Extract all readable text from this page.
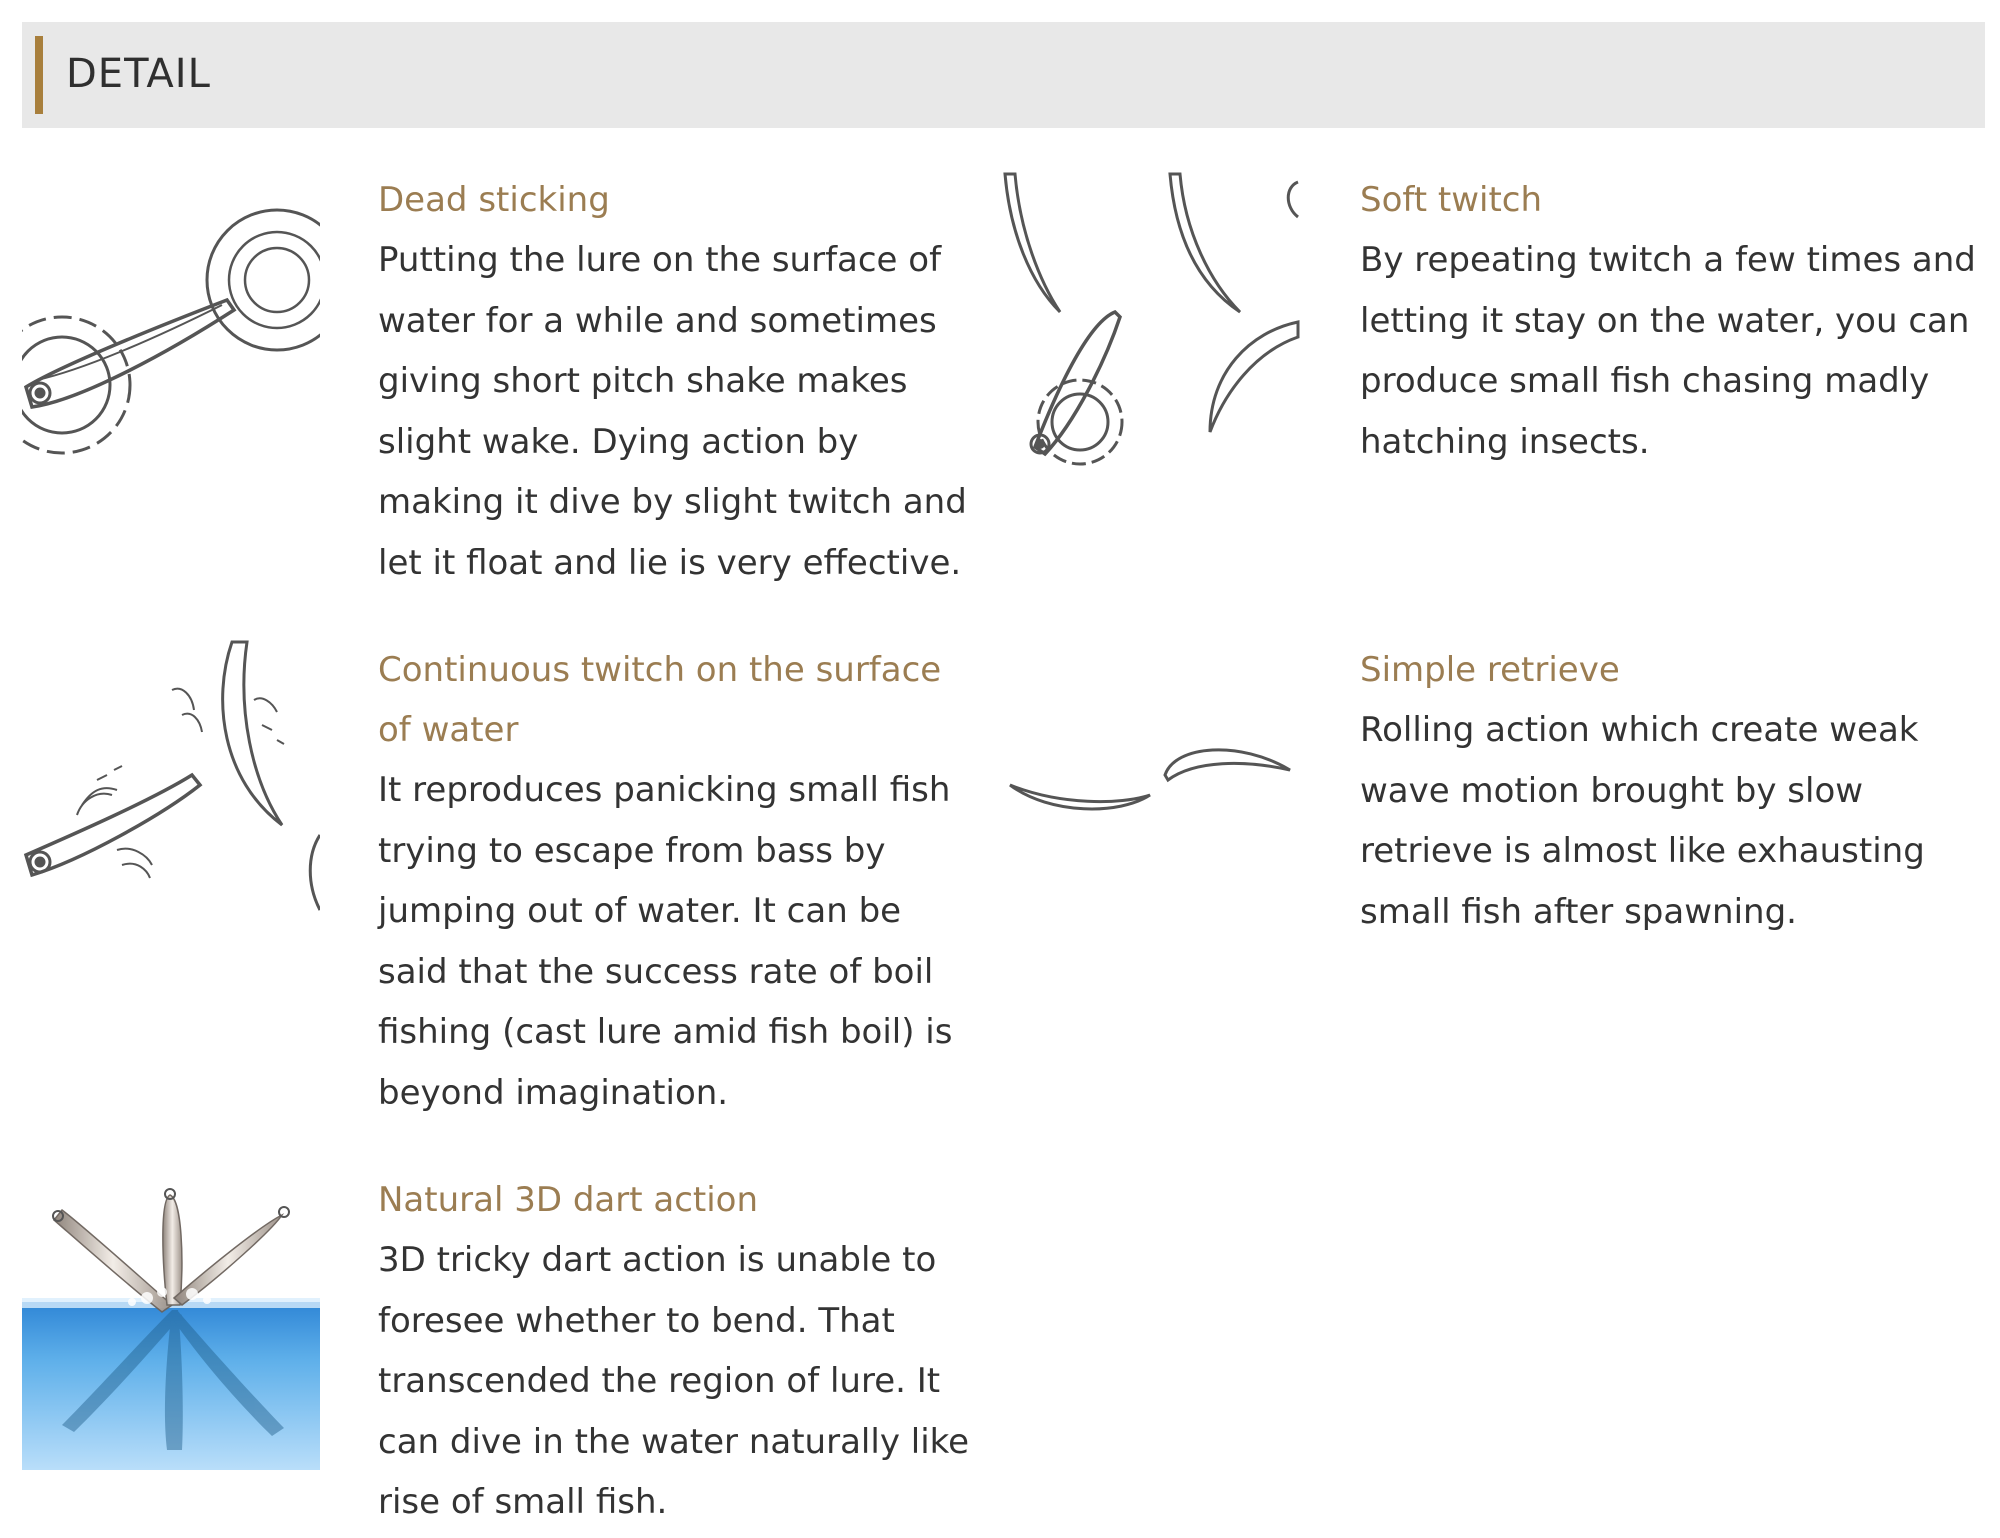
DETAIL

Dead sticking

Putting the lure on the surface of water for a while and sometimes giving short pitch shake makes slight wake. Dying action by making it dive by slight twitch and let it float and lie is very effective.

Soft twitch

By repeating twitch a few times and letting it stay on the water, you can produce small fish chasing madly hatching insects.

Continuous twitch on the surface of water

It reproduces panicking small fish trying to escape from bass by jumping out of water. It can be said that the success rate of boil fishing (cast lure amid fish boil) is beyond imagination.

Simple retrieve

Rolling action which create weak wave motion brought by slow retrieve is almost like exhausting small fish after spawning.

Natural 3D dart action

3D tricky dart action is unable to foresee whether to bend. That transcended the region of lure. It can dive in the water naturally like rise of small fish.
